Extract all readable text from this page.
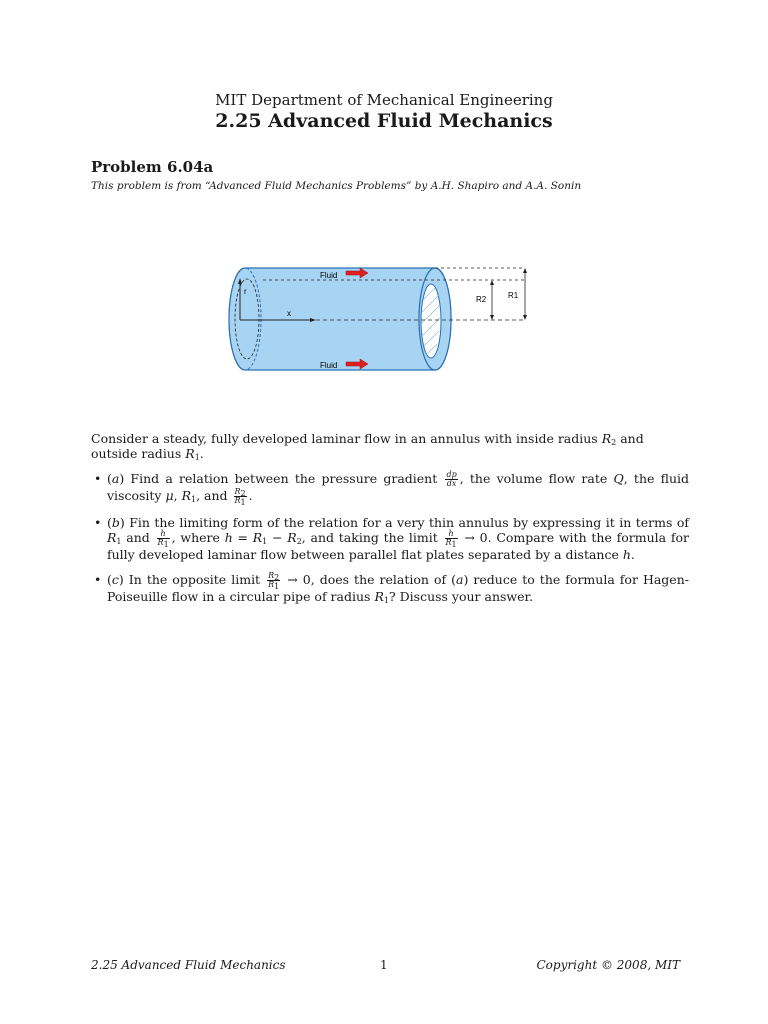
MIT Department of Mechanical Engineering
2.25 Advanced Fluid Mechanics
Problem 6.04a
This problem is from “Advanced Fluid Mechanics Problems” by A.H. Shapiro and A.A. Sonin
r
x
Fluid
Fluid
R2	R1
Consider a steady, fully developed laminar flow in an annulus with inside radius $R_2$ and outside radius $R_1$.
• (a) Find a relation between the pressure gradient $\frac{dp}{dx}$ , the volume flow rate Q, the fluid viscosity μ, $R_1$, and $\frac{R_2}{R_1}$ .
• (b) Fin the limiting form of the relation for a very thin annulus by expressing it in terms of $R_1$ and $\frac{h}{R_1}$ , where $h = R_1 - R_2$, and taking the limit $\frac{h}{R_1} \to 0$. Compare with the formula for fully developed laminar flow between parallel flat plates separated by a distance h.
• (c) In the opposite limit $\frac{R_2}{R_1} \to 0$, does the relation of (a) reduce to the formula for Hagen-Poiseuille flow in a circular pipe of radius $R_1$? Discuss your answer.
2.25 Advanced Fluid Mechanics	1	Copyright © 2008, MIT
